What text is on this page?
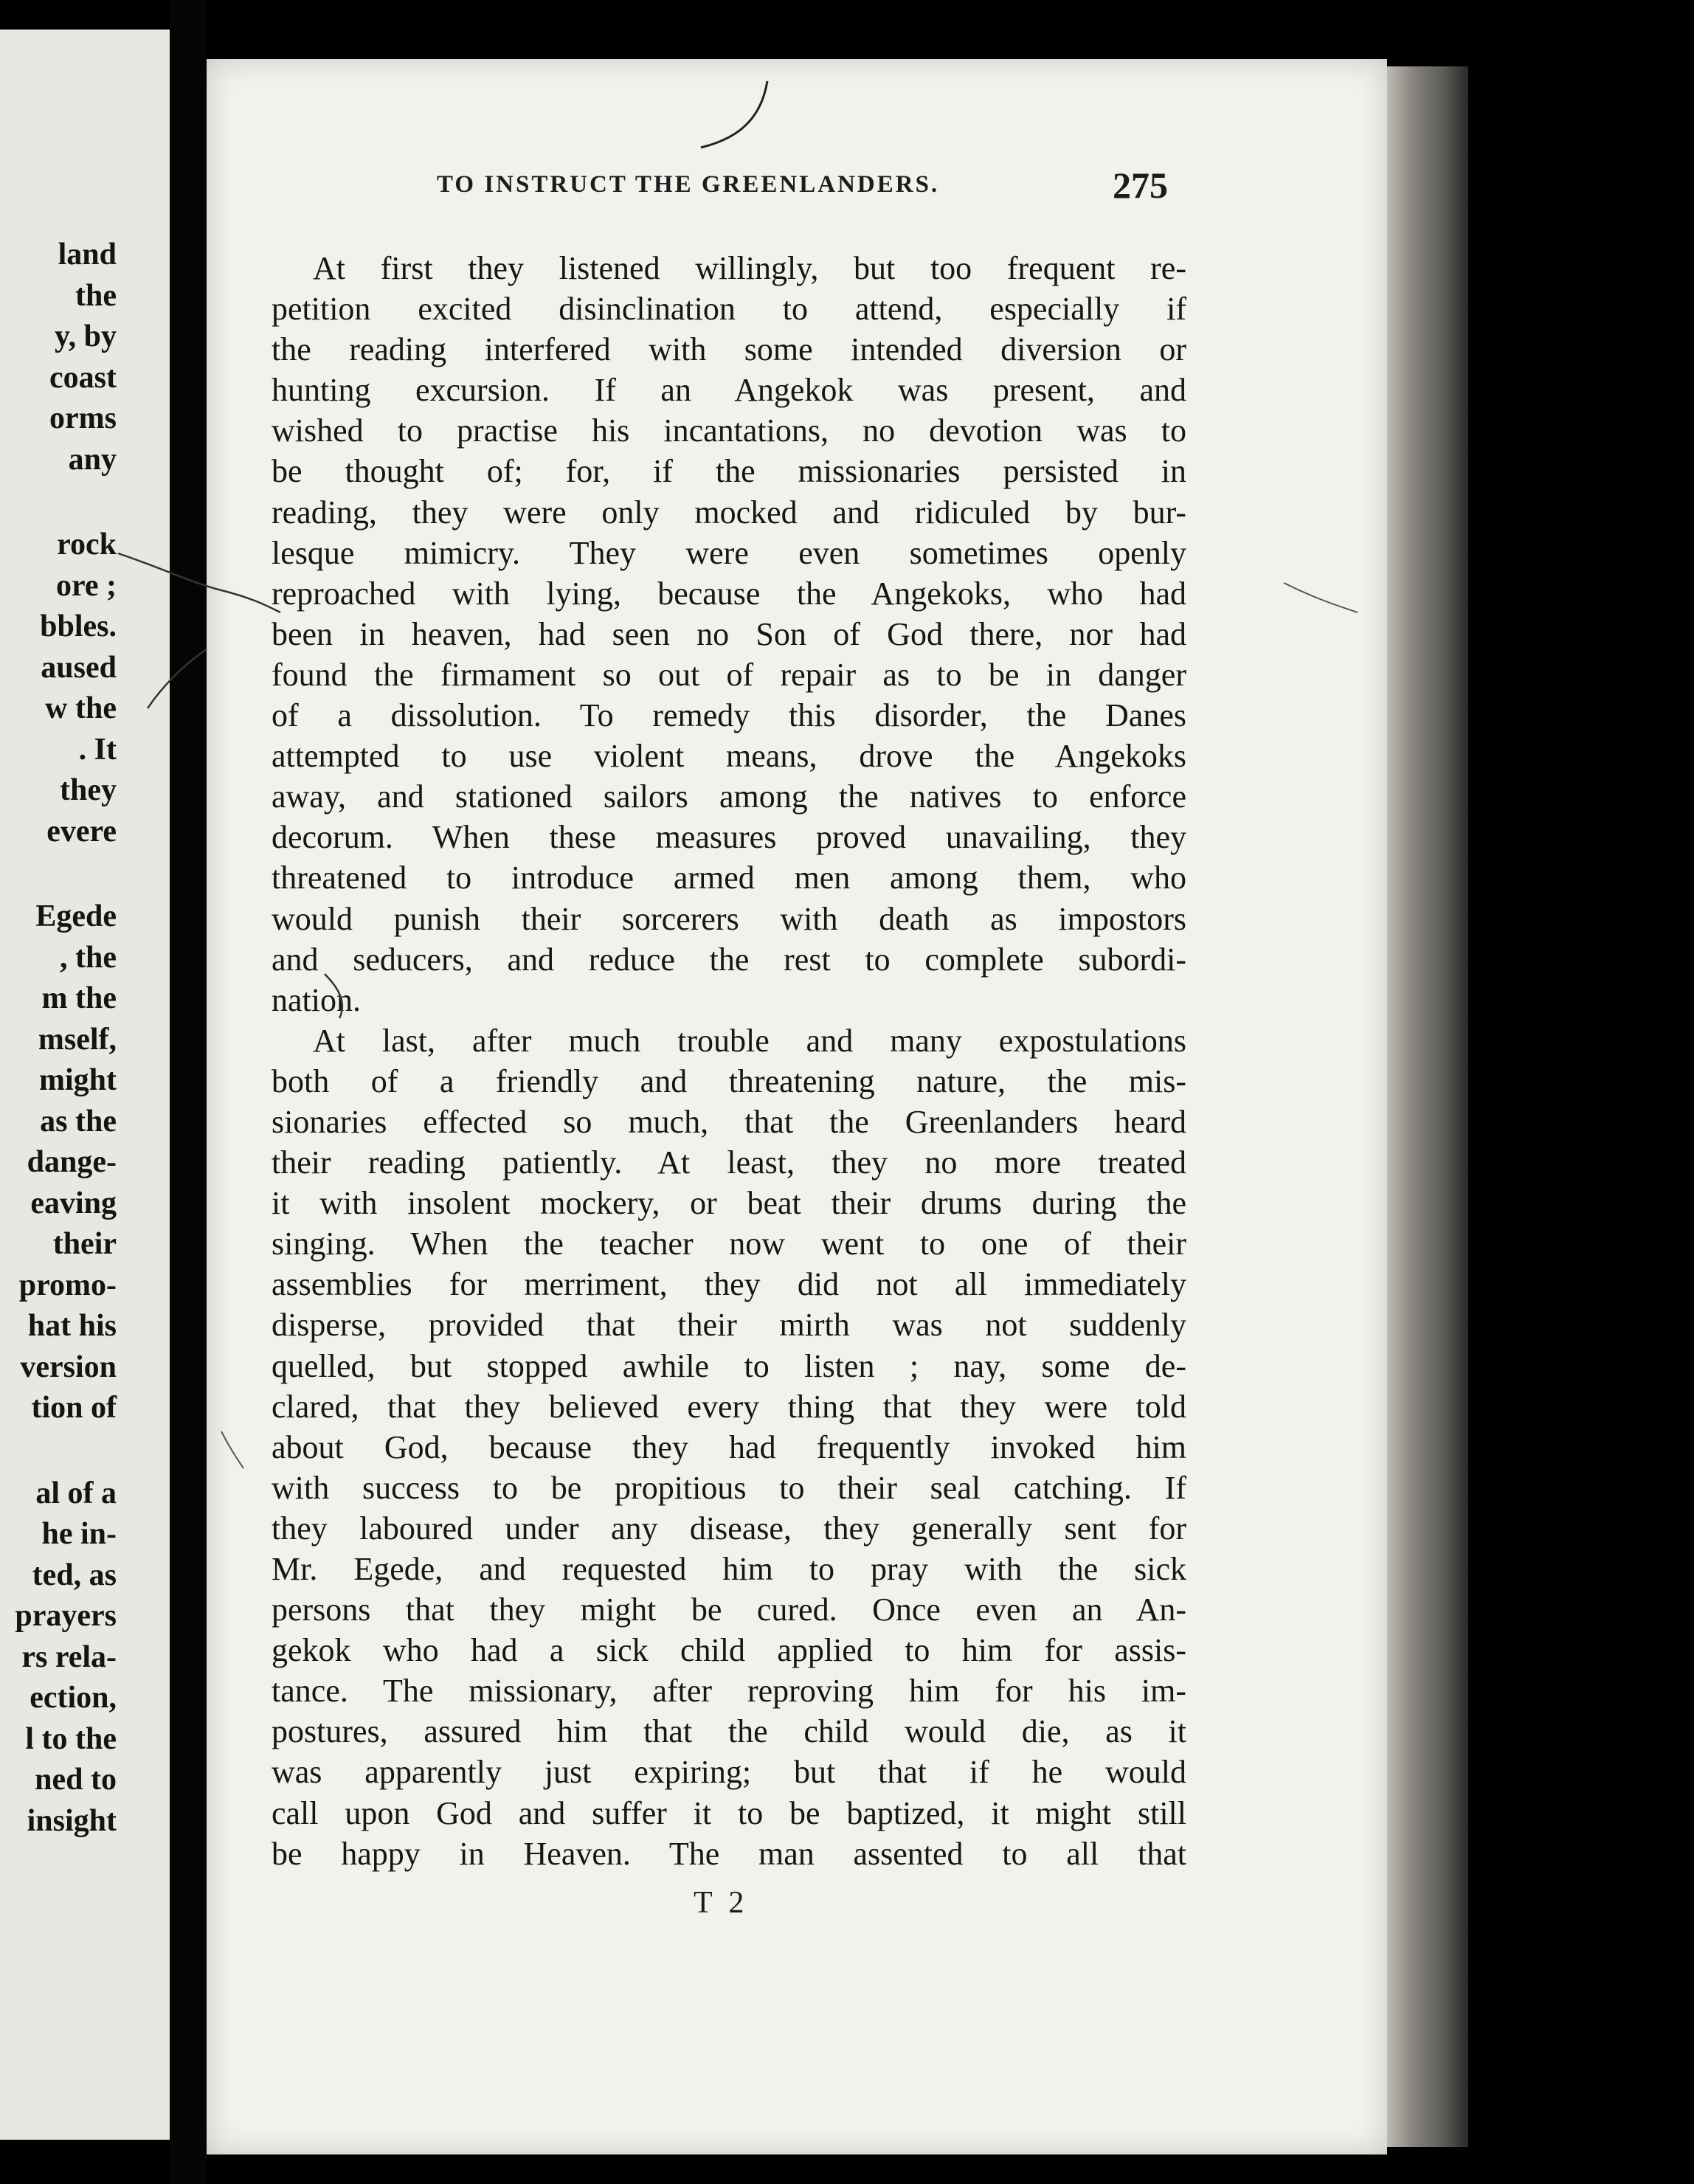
land
the
y, by
coast
orms
any
rock
ore ;
bbles.
aused
w the
. It
they
evere
Egede
, the
m the
mself,
might
as the
dange-
eaving
their
promo-
hat his
version
tion of
al of a
he in-
ted, as
prayers
rs rela-
ection,
l to the
ned to
insight
TO INSTRUCT THE GREENLANDERS.	275
At first they listened willingly, but too frequent re-
petition excited disinclination to attend, especially if
the reading interfered with some intended diversion or
hunting excursion. If an Angekok was present, and
wished to practise his incantations, no devotion was to
be thought of; for, if the missionaries persisted in
reading, they were only mocked and ridiculed by bur-
lesque mimicry. They were even sometimes openly
reproached with lying, because the Angekoks, who had
been in heaven, had seen no Son of God there, nor had
found the firmament so out of repair as to be in danger
of a dissolution. To remedy this disorder, the Danes
attempted to use violent means, drove the Angekoks
away, and stationed sailors among the natives to enforce
decorum. When these measures proved unavailing, they
threatened to introduce armed men among them, who
would punish their sorcerers with death as impostors
and seducers, and reduce the rest to complete subordi-
nation.
At last, after much trouble and many expostulations
both of a friendly and threatening nature, the mis-
sionaries effected so much, that the Greenlanders heard
their reading patiently. At least, they no more treated
it with insolent mockery, or beat their drums during the
singing. When the teacher now went to one of their
assemblies for merriment, they did not all immediately
disperse, provided that their mirth was not suddenly
quelled, but stopped awhile to listen ; nay, some de-
clared, that they believed every thing that they were told
about God, because they had frequently invoked him
with success to be propitious to their seal catching. If
they laboured under any disease, they generally sent for
Mr. Egede, and requested him to pray with the sick
persons that they might be cured. Once even an An-
gekok who had a sick child applied to him for assis-
tance. The missionary, after reproving him for his im-
postures, assured him that the child would die, as it
was apparently just expiring; but that if he would
call upon God and suffer it to be baptized, it might still
be happy in Heaven. The man assented to all that
T 2
